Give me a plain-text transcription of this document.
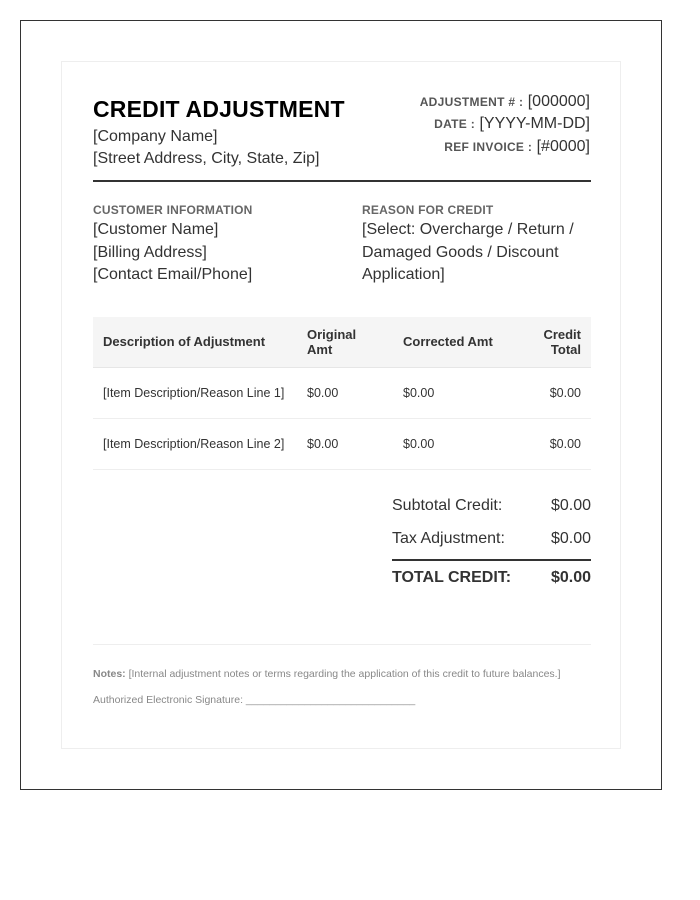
CREDIT ADJUSTMENT
[Company Name]
[Street Address, City, State, Zip]
ADJUSTMENT # : [000000]
DATE : [YYYY-MM-DD]
REF INVOICE : [#0000]
CUSTOMER INFORMATION
[Customer Name]
[Billing Address]
[Contact Email/Phone]
REASON FOR CREDIT
[Select: Overcharge / Return / Damaged Goods / Discount Application]
Description of Adjustment	Original Amt	Corrected Amt	Credit Total
[Item Description/Reason Line 1]	$0.00	$0.00	$0.00
[Item Description/Reason Line 2]	$0.00	$0.00	$0.00
Subtotal Credit:	$0.00
Tax Adjustment:	$0.00
TOTAL CREDIT: $0.00
Notes: [Internal adjustment notes or terms regarding the application of this credit to future balances.]
Authorized Electronic Signature: _____________________________
